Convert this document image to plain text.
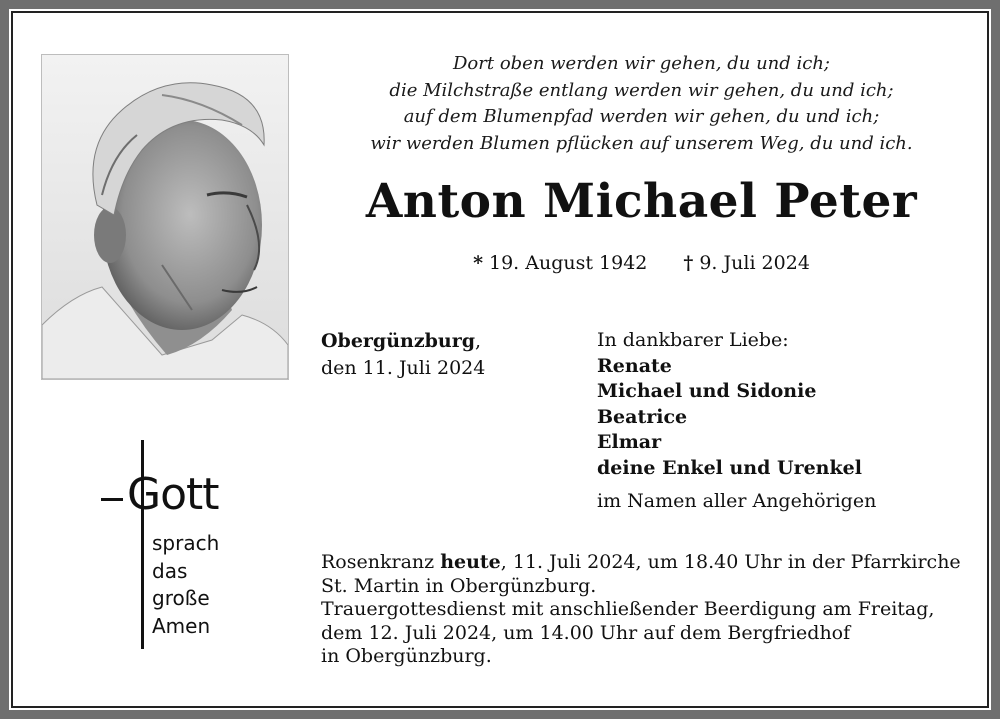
Dort oben werden wir gehen, du und ich;
die Milchstraße entlang werden wir gehen, du und ich;
auf dem Blumenpfad werden wir gehen, du und ich;
wir werden Blumen pflücken auf unserem Weg, du und ich.
Anton Michael Peter
* 19. August 1942 † 9. Juli 2024
Obergünzburg,
den 11. Juli 2024
In dankbarer Liebe:
Renate
Michael und Sidonie
Beatrice
Elmar
deine Enkel und Urenkel
im Namen aller Angehörigen
Rosenkranz heute, 11. Juli 2024, um 18.40 Uhr in der Pfarrkirche
St. Martin in Obergünzburg.
Trauergottesdienst mit anschließender Beerdigung am Freitag,
dem 12. Juli 2024, um 14.00 Uhr auf dem Bergfriedhof
in Obergünzburg.
Gott
sprach
das
große
Amen
